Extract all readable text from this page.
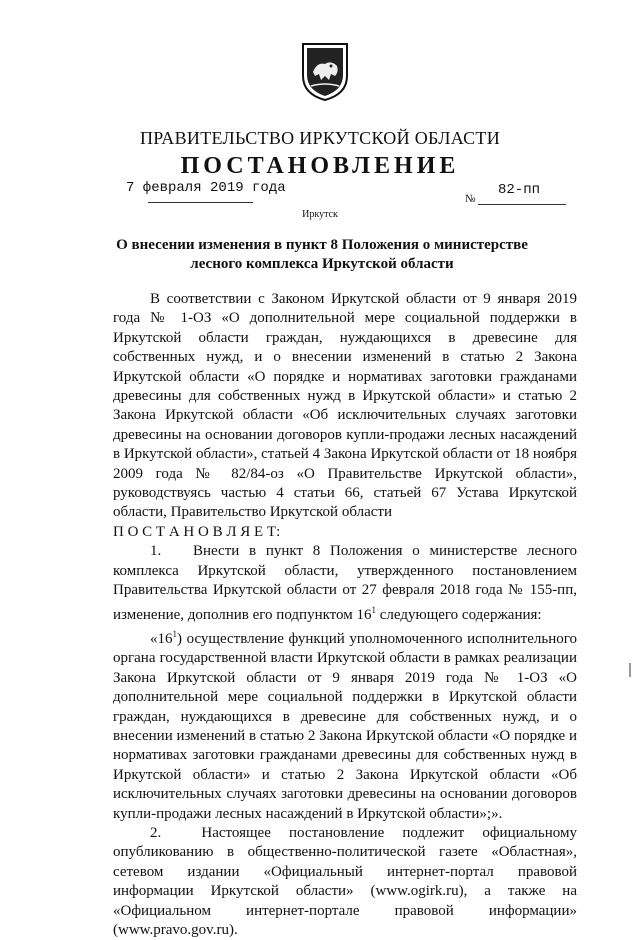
ПРАВИТЕЛЬСТВО ИРКУТСКОЙ ОБЛАСТИ
ПОСТАНОВЛЕНИЕ
7 февраля 2019 года
№
82-пп
Иркутск
О внесении изменения в пункт 8 Положения о министерстве лесного комплекса Иркутской области
В соответствии с Законом Иркутской области от 9 января 2019 года № 1-ОЗ «О дополнительной мере социальной поддержки в Иркутской области граждан, нуждающихся в древесине для собственных нужд, и о внесении изменений в статью 2 Закона Иркутской области «О порядке и нормативах заготовки гражданами древесины для собственных нужд в Иркутской области» и статью 2 Закона Иркутской области «Об исключительных случаях заготовки древесины на основании договоров купли-продажи лесных насаждений в Иркутской области», статьей 4 Закона Иркутской области от 18 ноября 2009 года № 82/84-оз «О Правительстве Иркутской области», руководствуясь частью 4 статьи 66, статьей 67 Устава Иркутской области, Правительство Иркутской области
П О С Т А Н О В Л Я Е Т:
1. Внести в пункт 8 Положения о министерстве лесного комплекса Иркутской области, утвержденного постановлением Правительства Иркутской области от 27 февраля 2018 года № 155-пп, изменение, дополнив его подпунктом $16^1$ следующего содержания:
«$16^1$) осуществление функций уполномоченного исполнительного органа государственной власти Иркутской области в рамках реализации Закона Иркутской области от 9 января 2019 года № 1-ОЗ «О дополнительной мере социальной поддержки в Иркутской области граждан, нуждающихся в древесине для собственных нужд, и о внесении изменений в статью 2 Закона Иркутской области «О порядке и нормативах заготовки гражданами древесины для собственных нужд в Иркутской области» и статью 2 Закона Иркутской области «Об исключительных случаях заготовки древесины на основании договоров купли-продажи лесных насаждений в Иркутской области»;».
2.	Настоящее постановление подлежит официальному опубликованию в общественно-политической газете «Областная», сетевом издании «Официальный интернет-портал правовой информации Иркутской области» (www.ogirk.ru), а также на «Официальном интернет-портале правовой информации» (www.pravo.gov.ru).
